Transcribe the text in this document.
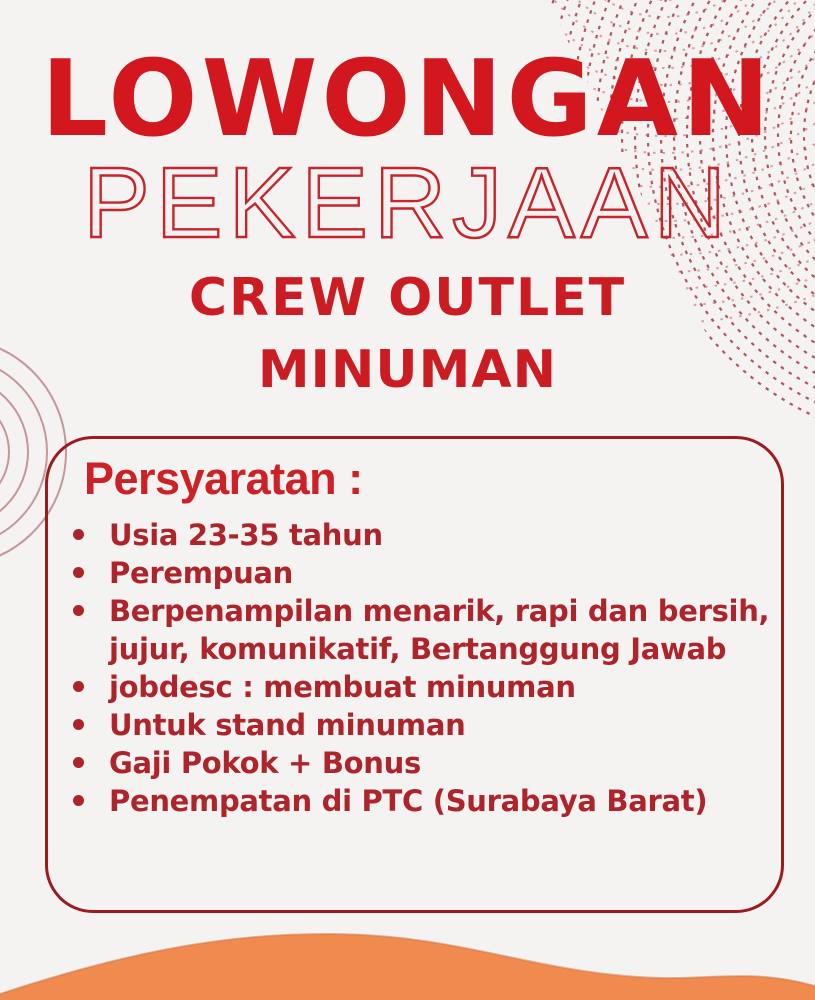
LOWONGAN
PEKERJAAN
CREW OUTLET
MINUMAN
Persyaratan :
Usia 23-35 tahun
Perempuan
Berpenampilan menarik, rapi dan bersih,
jujur, komunikatif, Bertanggung Jawab
jobdesc : membuat minuman
Untuk stand minuman
Gaji Pokok + Bonus
Penempatan di PTC (Surabaya Barat)
